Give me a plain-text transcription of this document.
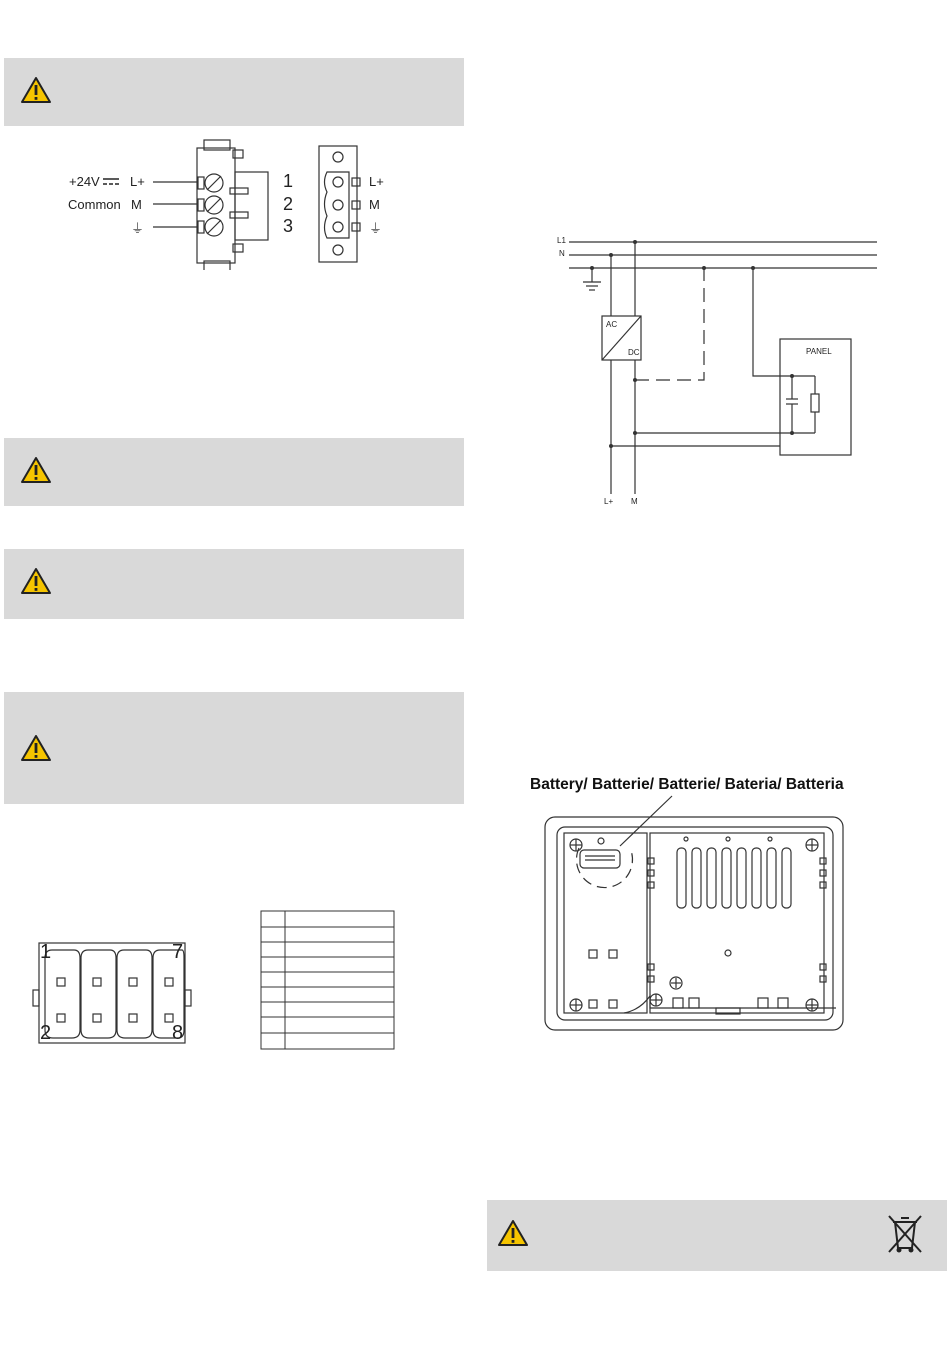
+24V
Common
L+
M
⏚
1
2
3
L+
M
⏚
L1
N
AC
DC	PANEL
L+ M
1	7
2	8
Battery/ Batterie/ Batterie/ Bateria/ Batteria
